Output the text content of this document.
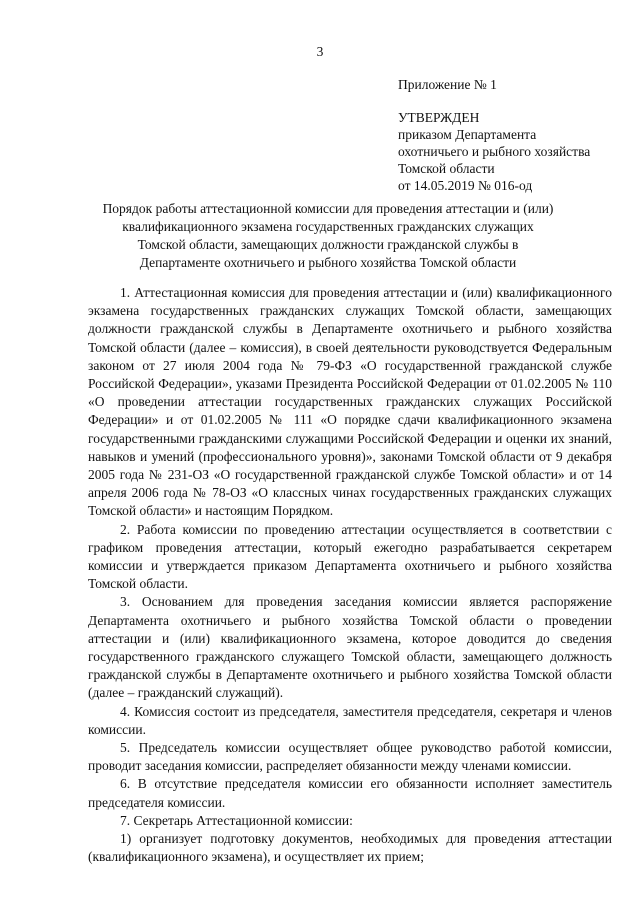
3
Приложение № 1
УТВЕРЖДЕН
приказом Департамента
охотничьего и рыбного хозяйства
Томской области
от 14.05.2019 № 016-од
Порядок работы аттестационной комиссии для проведения аттестации и (или) квалификационного экзамена государственных гражданских служащих Томской области, замещающих должности гражданской службы в Департаменте охотничьего и рыбного хозяйства Томской области

1. Аттестационная комиссия для проведения аттестации и (или) квалификационного экзамена государственных гражданских служащих Томской области, замещающих должности гражданской службы в Департаменте охотничьего и рыбного хозяйства Томской области (далее – комиссия), в своей деятельности руководствуется Федеральным законом от 27 июля 2004 года № 79-ФЗ «О государственной гражданской службе Российской Федерации», указами Президента Российской Федерации от 01.02.2005 № 110 «О проведении аттестации государственных гражданских служащих Российской Федерации» и от 01.02.2005 № 111 «О порядке сдачи квалификационного экзамена государственными гражданскими служащими Российской Федерации и оценки их знаний, навыков и умений (профессионального уровня)», законами Томской области от 9 декабря 2005 года № 231-ОЗ «О государственной гражданской службе Томской области» и от 14 апреля 2006 года № 78-ОЗ «О классных чинах государственных гражданских служащих Томской области» и настоящим Порядком.

2. Работа комиссии по проведению аттестации осуществляется в соответствии с графиком проведения аттестации, который ежегодно разрабатывается секретарем комиссии и утверждается приказом Департамента охотничьего и рыбного хозяйства Томской области.

3. Основанием для проведения заседания комиссии является распоряжение Департамента охотничьего и рыбного хозяйства Томской области о проведении аттестации и (или) квалификационного экзамена, которое доводится до сведения государственного гражданского служащего Томской области, замещающего должность гражданской службы в Департаменте охотничьего и рыбного хозяйства Томской области (далее – гражданский служащий).

4. Комиссия состоит из председателя, заместителя председателя, секретаря и членов комиссии.

5. Председатель комиссии осуществляет общее руководство работой комиссии, проводит заседания комиссии, распределяет обязанности между членами комиссии.

6. В отсутствие председателя комиссии его обязанности исполняет заместитель председателя комиссии.

7. Секретарь Аттестационной комиссии:

1) организует подготовку документов, необходимых для проведения аттестации (квалификационного экзамена), и осуществляет их прием;
